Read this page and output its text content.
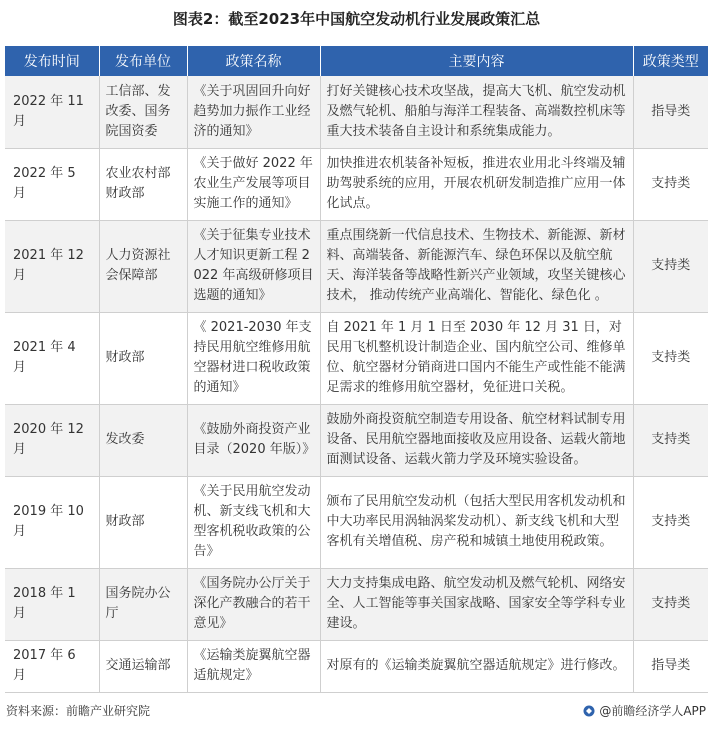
图表2：截至2023年中国航空发动机行业发展政策汇总
发布时间	发布单位	政策名称	主要内容	政策类型
2022 年 11 月	工信部、发改委、国务院国资委	《关于巩固回升向好趋势加力振作工业经济的通知》	打好关键核心技术攻坚战，提高大飞机、航空发动机及燃气轮机、船舶与海洋工程装备、高端数控机床等重大技术装备自主设计和系统集成能力。	指导类
2022 年 5 月	农业农村部财政部	《关于做好 2022 年农业生产发展等项目实施工作的通知》	加快推进农机装备补短板，推进农业用北斗终端及辅助驾驶系统的应用，开展农机研发制造推广应用一体化试点。	支持类
2021 年 12 月	人力资源社会保障部	《关于征集专业技术人才知识更新工程 2022 年高级研修项目选题的通知》	重点围绕新一代信息技术、生物技术、新能源、新材料、高端装备、新能源汽车、绿色环保以及航空航天、海洋装备等战略性新兴产业领域，攻坚关键核心技术， 推动传统产业高端化、智能化、绿色化 。	支持类
2021 年 4 月	财政部	《 2021-2030 年支持民用航空维修用航空器材进口税收政策的通知》	自 2021 年 1 月 1 日至 2030 年 12 月 31 日，对民用飞机整机设计制造企业、国内航空公司、维修单位、航空器材分销商进口国内不能生产或性能不能满足需求的维修用航空器材，免征进口关税。	支持类
2020 年 12 月	发改委	《鼓励外商投资产业目录（2020 年版）》	鼓励外商投资航空制造专用设备、航空材料试制专用设备、民用航空器地面接收及应用设备、运载火箭地面测试设备、运载火箭力学及环境实验设备。	支持类
2019 年 10 月	财政部	《关于民用航空发动机、新支线飞机和大型客机税收政策的公告》	颁布了民用航空发动机（包括大型民用客机发动机和中大功率民用涡轴涡桨发动机）、新支线飞机和大型客机有关增值税、房产税和城镇土地使用税政策。	支持类
2018 年 1 月	国务院办公厅	《国务院办公厅关于深化产教融合的若干意见》	大力支持集成电路、航空发动机及燃气轮机、网络安全、人工智能等事关国家战略、国家安全等学科专业建设。	支持类
2017 年 6 月	交通运输部	《运输类旋翼航空器适航规定》	对原有的《运输类旋翼航空器适航规定》进行修改。	指导类
资料来源：前瞻产业研究院	@前瞻经济学人APP
